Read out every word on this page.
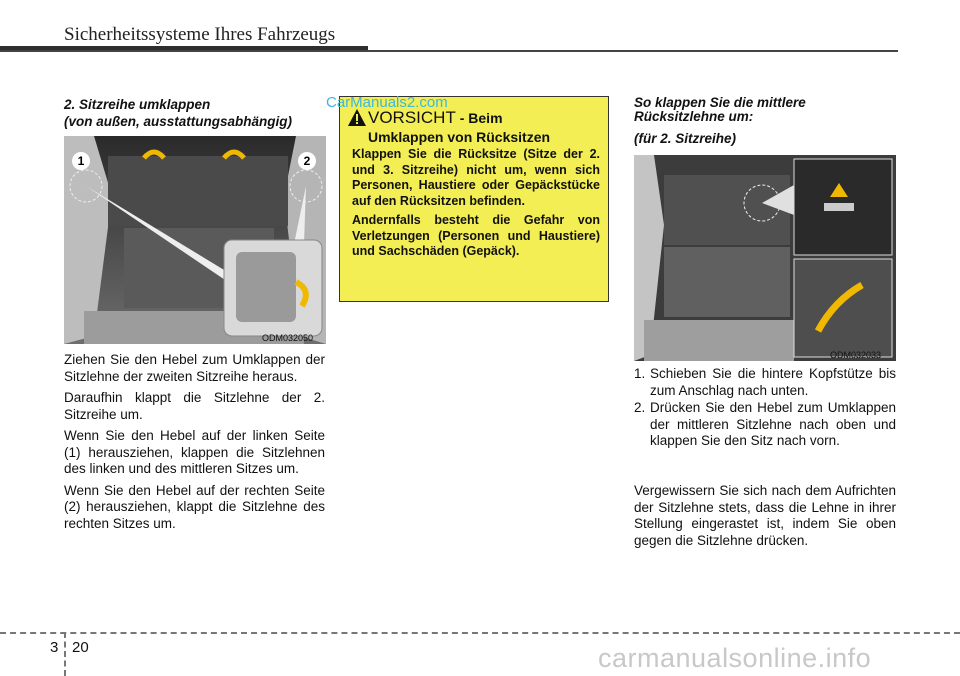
Sicherheitssysteme Ihres Fahrzeugs
2. Sitzreihe umklappen
(von außen, ausstattungsabhängig)
1	2
ODM032050

Ziehen Sie den Hebel zum Umklappen der Sitzlehne der zweiten Sitzreihe heraus.

Daraufhin klappt die Sitzlehne der 2. Sitzreihe um.

Wenn Sie den Hebel auf der linken Seite (1) herausziehen, klappen die Sitzlehnen des linken und des mittleren Sitzes um.

Wenn Sie den Hebel auf der rechten Seite (2) herausziehen, klappt die Sitzlehne des rechten Sitzes um.

VORSICHT - Beim
Umklappen von Rücksitzen

Klappen Sie die Rücksitze (Sitze der 2. und 3. Sitzreihe) nicht um, wenn sich Personen, Haustiere oder Gepäckstücke auf den Rücksitzen befinden.

Andernfalls besteht die Gefahr von Verletzungen (Personen und Haustiere) und Sachschäden (Gepäck).

CarManuals2.com	So klappen Sie die mittlere
Rücksitzlehne um:
(für 2. Sitzreihe)
ODM032033
1. Schieben Sie die hintere Kopfstütze bis zum Anschlag nach unten.
2. Drücken Sie den Hebel zum Umklappen der mittleren Sitzlehne nach oben und klappen Sie den Sitz nach vorn.
Vergewissern Sie sich nach dem Aufrichten der Sitzlehne stets, dass die Lehne in ihrer Stellung eingerastet ist, indem Sie oben gegen die Sitzlehne drücken.
3 20	carmanualsonline.info
